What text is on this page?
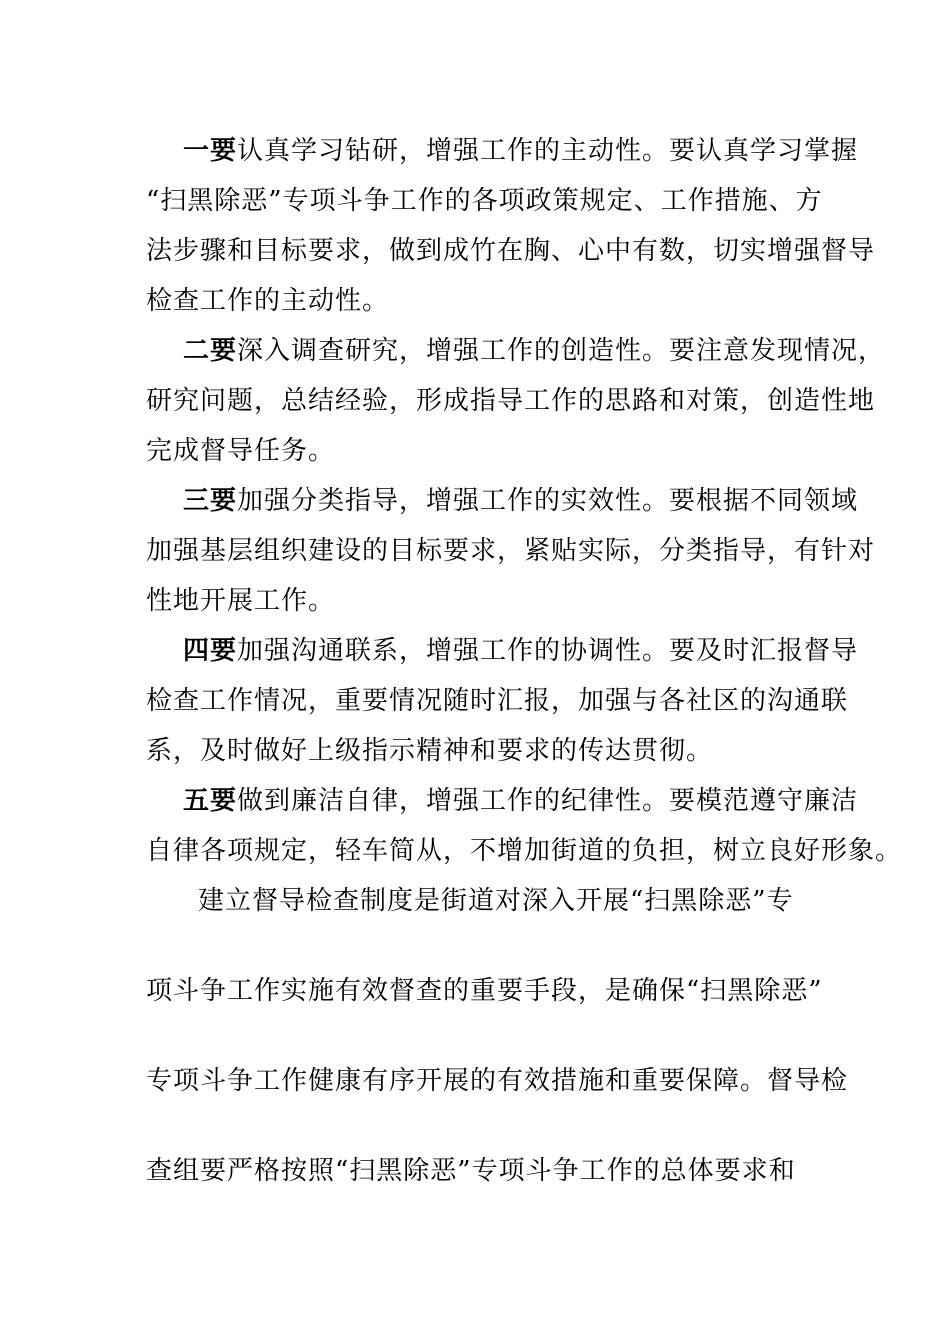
一要认真学习钻研，增强工作的主动性。要认真学习掌握
“扫黑除恶”专项斗争工作的各项政策规定、工作措施、方
法步骤和目标要求，做到成竹在胸、心中有数，切实增强督导
检查工作的主动性。
二要深入调查研究，增强工作的创造性。要注意发现情况，
研究问题，总结经验，形成指导工作的思路和对策，创造性地
完成督导任务。
三要加强分类指导，增强工作的实效性。要根据不同领域
加强基层组织建设的目标要求，紧贴实际，分类指导，有针对
性地开展工作。
四要加强沟通联系，增强工作的协调性。要及时汇报督导
检查工作情况，重要情况随时汇报，加强与各社区的沟通联
系，及时做好上级指示精神和要求的传达贯彻。
五要做到廉洁自律，增强工作的纪律性。要模范遵守廉洁
自律各项规定，轻车简从，不增加街道的负担，树立良好形象。
建立督导检查制度是街道对深入开展“扫黑除恶”专
项斗争工作实施有效督查的重要手段，是确保“扫黑除恶”
专项斗争工作健康有序开展的有效措施和重要保障。督导检
查组要严格按照“扫黑除恶”专项斗争工作的总体要求和
